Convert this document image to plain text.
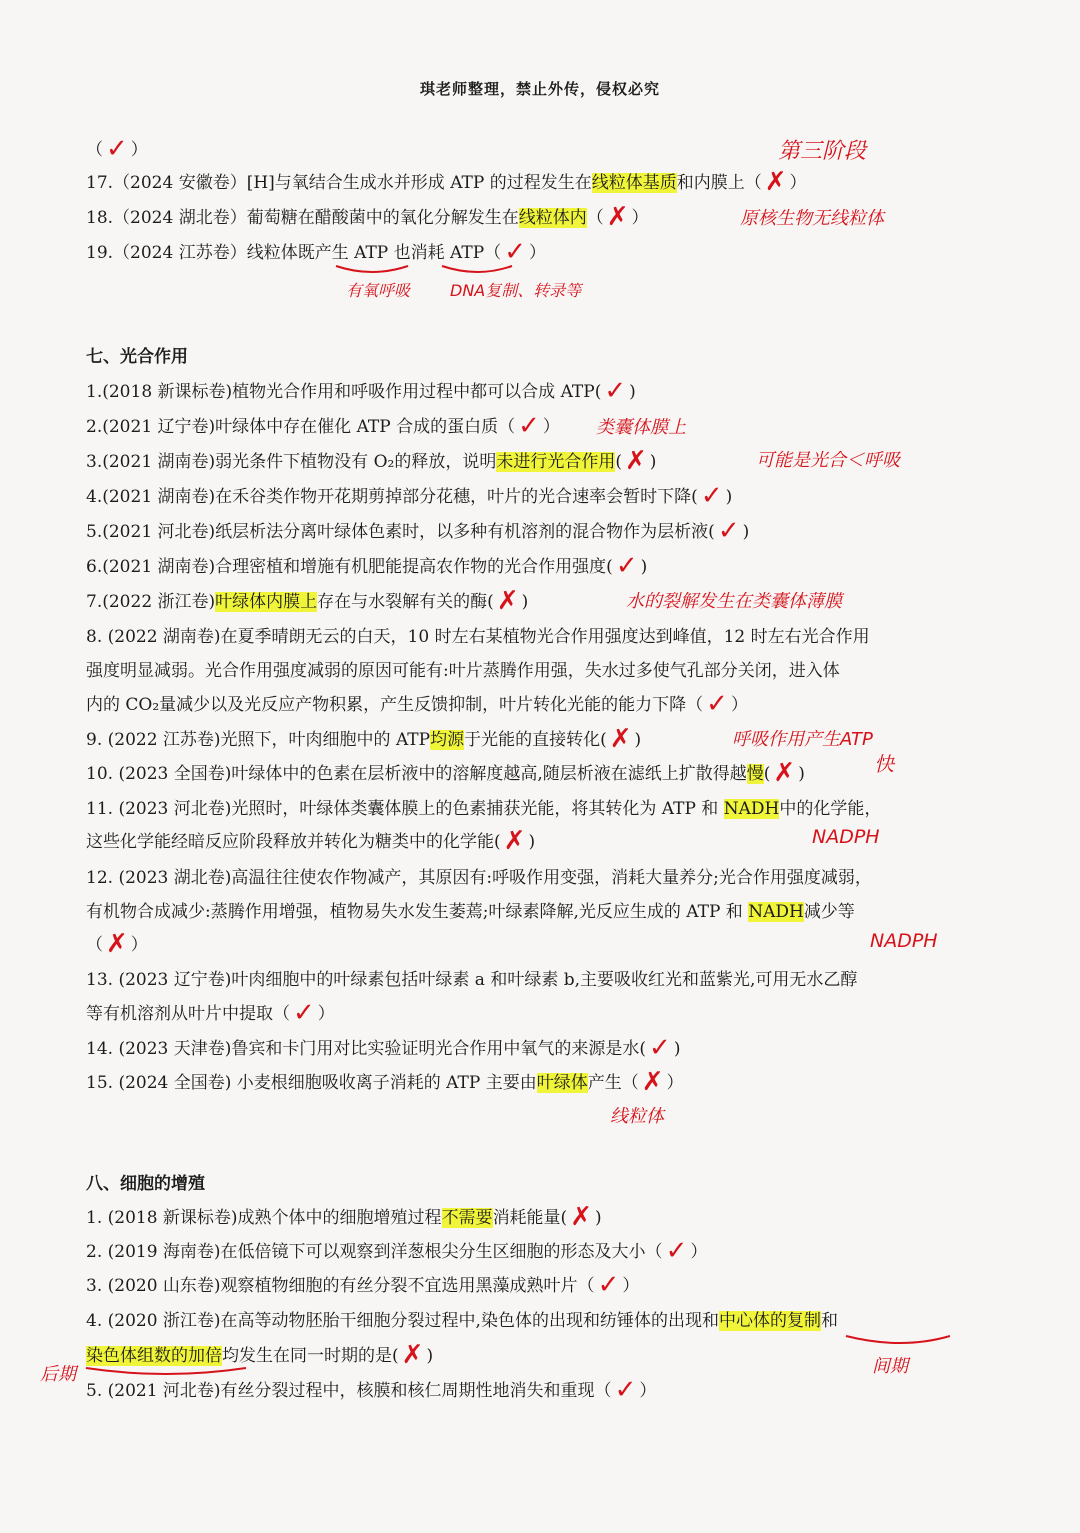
琪老师整理，禁止外传，侵权必究
（ ✓ ）
17.（2024 安徽卷）[H]与氧结合生成水并形成 ATP 的过程发生在线粒体基质和内膜上（ ✗ ）
18.（2024 湖北卷）葡萄糖在醋酸菌中的氧化分解发生在线粒体内（ ✗ ）
19.（2024 江苏卷）线粒体既产生 ATP 也消耗 ATP（ ✓ ）
第三阶段
原核生物无线粒体
有氧呼吸 DNA复制、转录等
七、光合作用
1.(2018 新课标卷)植物光合作用和呼吸作用过程中都可以合成 ATP( ✓ )
2.(2021 辽宁卷)叶绿体中存在催化 ATP 合成的蛋白质（ ✓ ）
3.(2021 湖南卷)弱光条件下植物没有 O₂的释放，说明未进行光合作用( ✗ )
4.(2021 湖南卷)在禾谷类作物开花期剪掉部分花穗，叶片的光合速率会暂时下降( ✓ )
5.(2021 河北卷)纸层析法分离叶绿体色素时，以多种有机溶剂的混合物作为层析液( ✓ )
6.(2021 湖南卷)合理密植和增施有机肥能提高农作物的光合作用强度( ✓ )
7.(2022 浙江卷)叶绿体内膜上存在与水裂解有关的酶( ✗ )
8. (2022 湖南卷)在夏季晴朗无云的白天，10 时左右某植物光合作用强度达到峰值，12 时左右光合作用
强度明显减弱。光合作用强度减弱的原因可能有:叶片蒸腾作用强，失水过多使气孔部分关闭，进入体
内的 CO₂量减少以及光反应产物积累，产生反馈抑制，叶片转化光能的能力下降（ ✓ ）
9. (2022 江苏卷)光照下，叶肉细胞中的 ATP均源于光能的直接转化( ✗ )
10. (2023 全国卷)叶绿体中的色素在层析液中的溶解度越高,随层析液在滤纸上扩散得越慢( ✗ )
11. (2023 河北卷)光照时，叶绿体类囊体膜上的色素捕获光能，将其转化为 ATP 和 NADH中的化学能，
这些化学能经暗反应阶段释放并转化为糖类中的化学能( ✗ )
12. (2023 湖北卷)高温往往使农作物减产，其原因有:呼吸作用变强，消耗大量养分;光合作用强度减弱，
有机物合成减少:蒸腾作用增强，植物易失水发生萎蔫;叶绿素降解,光反应生成的 ATP 和 NADH减少等
（ ✗ ）
13. (2023 辽宁卷)叶肉细胞中的叶绿素包括叶绿素 a 和叶绿素 b,主要吸收红光和蓝紫光,可用无水乙醇
等有机溶剂从叶片中提取（ ✓ ）
14. (2023 天津卷)鲁宾和卡门用对比实验证明光合作用中氧气的来源是水( ✓ )
15. (2024 全国卷) 小麦根细胞吸收离子消耗的 ATP 主要由叶绿体产生（ ✗ ）
类囊体膜上
可能是光合＜呼吸
水的裂解发生在类囊体薄膜
呼吸作用产生ATP
快
NADPH
NADPH
线粒体
八、细胞的增殖
1. (2018 新课标卷)成熟个体中的细胞增殖过程不需要消耗能量( ✗ )
2. (2019 海南卷)在低倍镜下可以观察到洋葱根尖分生区细胞的形态及大小（ ✓ ）
3. (2020 山东卷)观察植物细胞的有丝分裂不宜选用黑藻成熟叶片（ ✓ ）
4. (2020 浙江卷)在高等动物胚胎干细胞分裂过程中,染色体的出现和纺锤体的出现和中心体的复制和
染色体组数的加倍均发生在同一时期的是( ✗ )
5. (2021 河北卷)有丝分裂过程中，核膜和核仁周期性地消失和重现（ ✓ ）
间期
后期
